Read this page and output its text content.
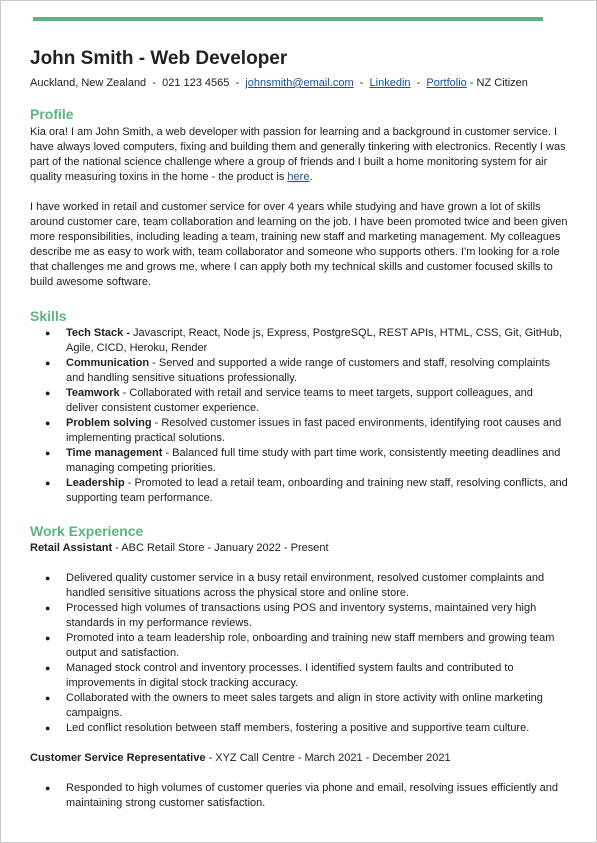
John Smith - Web Developer
Auckland, New Zealand  -  021 123 4565  -  johnsmith@email.com  -  Linkedin  -  Portfolio - NZ Citizen
Profile

Kia ora! I am John Smith, a web developer with passion for learning and a background in customer service. I have always loved computers, fixing and building them and generally tinkering with electronics. Recently I was part of the national science challenge where a group of friends and I built a home monitoring system for air quality measuring toxins in the home - the product is here.

I have worked in retail and customer service for over 4 years while studying and have grown a lot of skills around customer care, team collaboration and learning on the job. I have been promoted twice and been given more responsibilities, including leading a team, training new staff and marketing management. My colleagues describe me as easy to work with, team collaborator and someone who supports others. I'm looking for a role that challenges me and grows me, where I can apply both my technical skills and customer focused skills to build awesome software.

Skills
● Tech Stack - Javascript, React, Node js, Express, PostgreSQL, REST APIs, HTML, CSS, Git, GitHub, Agile, CICD, Heroku, Render
● Communication - Served and supported a wide range of customers and staff, resolving complaints and handling sensitive situations professionally.
● Teamwork - Collaborated with retail and service teams to meet targets, support colleagues, and deliver consistent customer experience.
● Problem solving - Resolved customer issues in fast paced environments, identifying root causes and implementing practical solutions.
● Time management - Balanced full time study with part time work, consistently meeting deadlines and managing competing priorities.
● Leadership - Promoted to lead a retail team, onboarding and training new staff, resolving conflicts, and supporting team performance.
Work Experience
Retail Assistant - ABC Retail Store - January 2022 - Present
● Delivered quality customer service in a busy retail environment, resolved customer complaints and handled sensitive situations across the physical store and online store.
● Processed high volumes of transactions using POS and inventory systems, maintained very high standards in my performance reviews.
● Promoted into a team leadership role, onboarding and training new staff members and growing team output and satisfaction.
● Managed stock control and inventory processes. I identified system faults and contributed to improvements in digital stock tracking accuracy.
● Collaborated with the owners to meet sales targets and align in store activity with online marketing campaigns.
● Led conflict resolution between staff members, fostering a positive and supportive team culture.
Customer Service Representative - XYZ Call Centre - March 2021 - December 2021
● Responded to high volumes of customer queries via phone and email, resolving issues efficiently and maintaining strong customer satisfaction.
